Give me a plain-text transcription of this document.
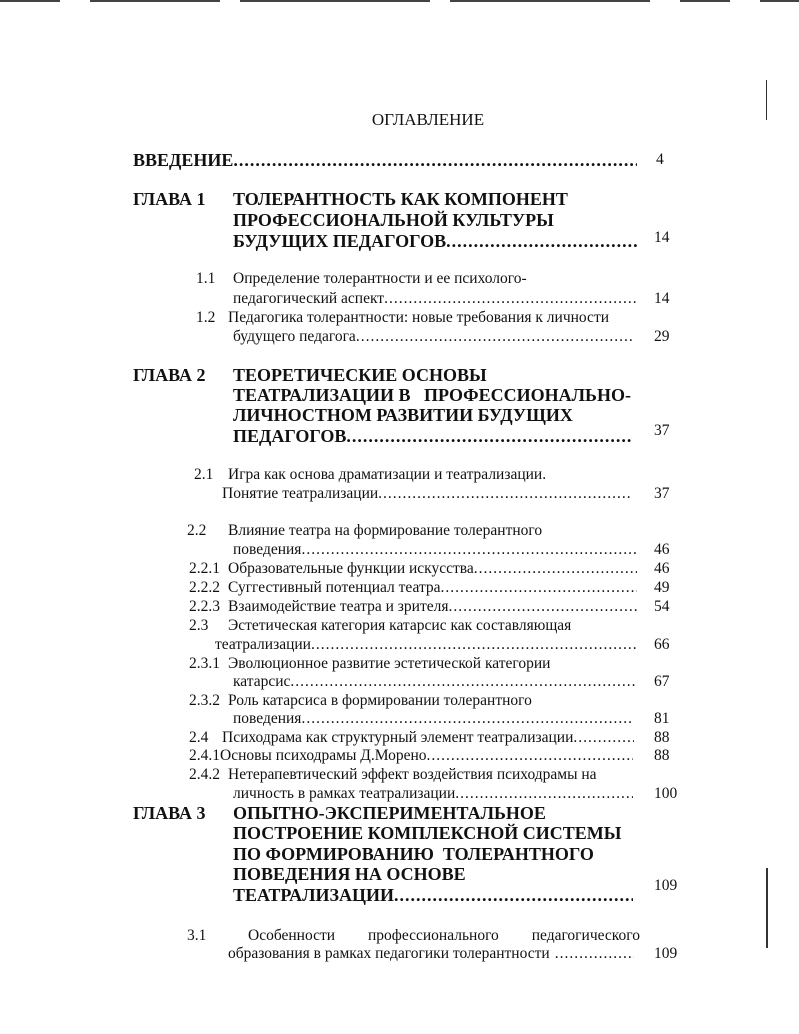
ОГЛАВЛЕНИЕ
ВВЕДЕНИЕ .....	4
ГЛАВА 1 ТОЛЕРАНТНОСТЬ КАК КОМПОНЕНТ
ПРОФЕССИОНАЛЬНОЙ КУЛЬТУРЫ
БУДУЩИХ ПЕДАГОГОВ .....	14
1.1 Определение толерантности и ее психолого-
педагогический аспект .....	14
1.2 Педагогика толерантности: новые требования к личности
будущего педагога .....	29
ГЛАВА 2 ТЕОРЕТИЧЕСКИЕ ОСНОВЫ
ТЕАТРАЛИЗАЦИИ В   ПРОФЕССИОНАЛЬНО-
ЛИЧНОСТНОМ РАЗВИТИИ БУДУЩИХ
ПЕДАГОГОВ .....	37
2.1 Игра как основа драматизации и театрализации.
Понятие театрализации .....	37
2.2 Влияние театра на формирование толерантного
поведения .....	46
2.2.1 Образовательные функции искусства .....	46
2.2.2 Суггестивный потенциал театра .....	49
2.2.3 Взаимодействие театра и зрителя .....	54
2.3 Эстетическая категория катарсис как составляющая
театрализации .....	66
2.3.1 Эволюционное развитие эстетической категории
катарсис .....	67
2.3.2 Роль катарсиса в формировании толерантного
поведения .....	81
2.4 Психодрама как структурный элемент театрализации .....	88
2.4.1 Основы психодрамы Д.Морено .....	88
2.4.2 Нетерапевтический эффект воздействия психодрамы на
личность в рамках театрализации .....	100
ГЛАВА 3 ОПЫТНО-ЭКСПЕРИМЕНТАЛЬНОЕ
ПОСТРОЕНИЕ КОМПЛЕКСНОЙ СИСТЕМЫ
ПО ФОРМИРОВАНИЮ  ТОЛЕРАНТНОГО
ПОВЕДЕНИЯ НА ОСНОВЕ
ТЕАТРАЛИЗАЦИИ .....	109
3.1	Особенности профессионального педагогического
образования в рамках педагогики толерантности .....	109
